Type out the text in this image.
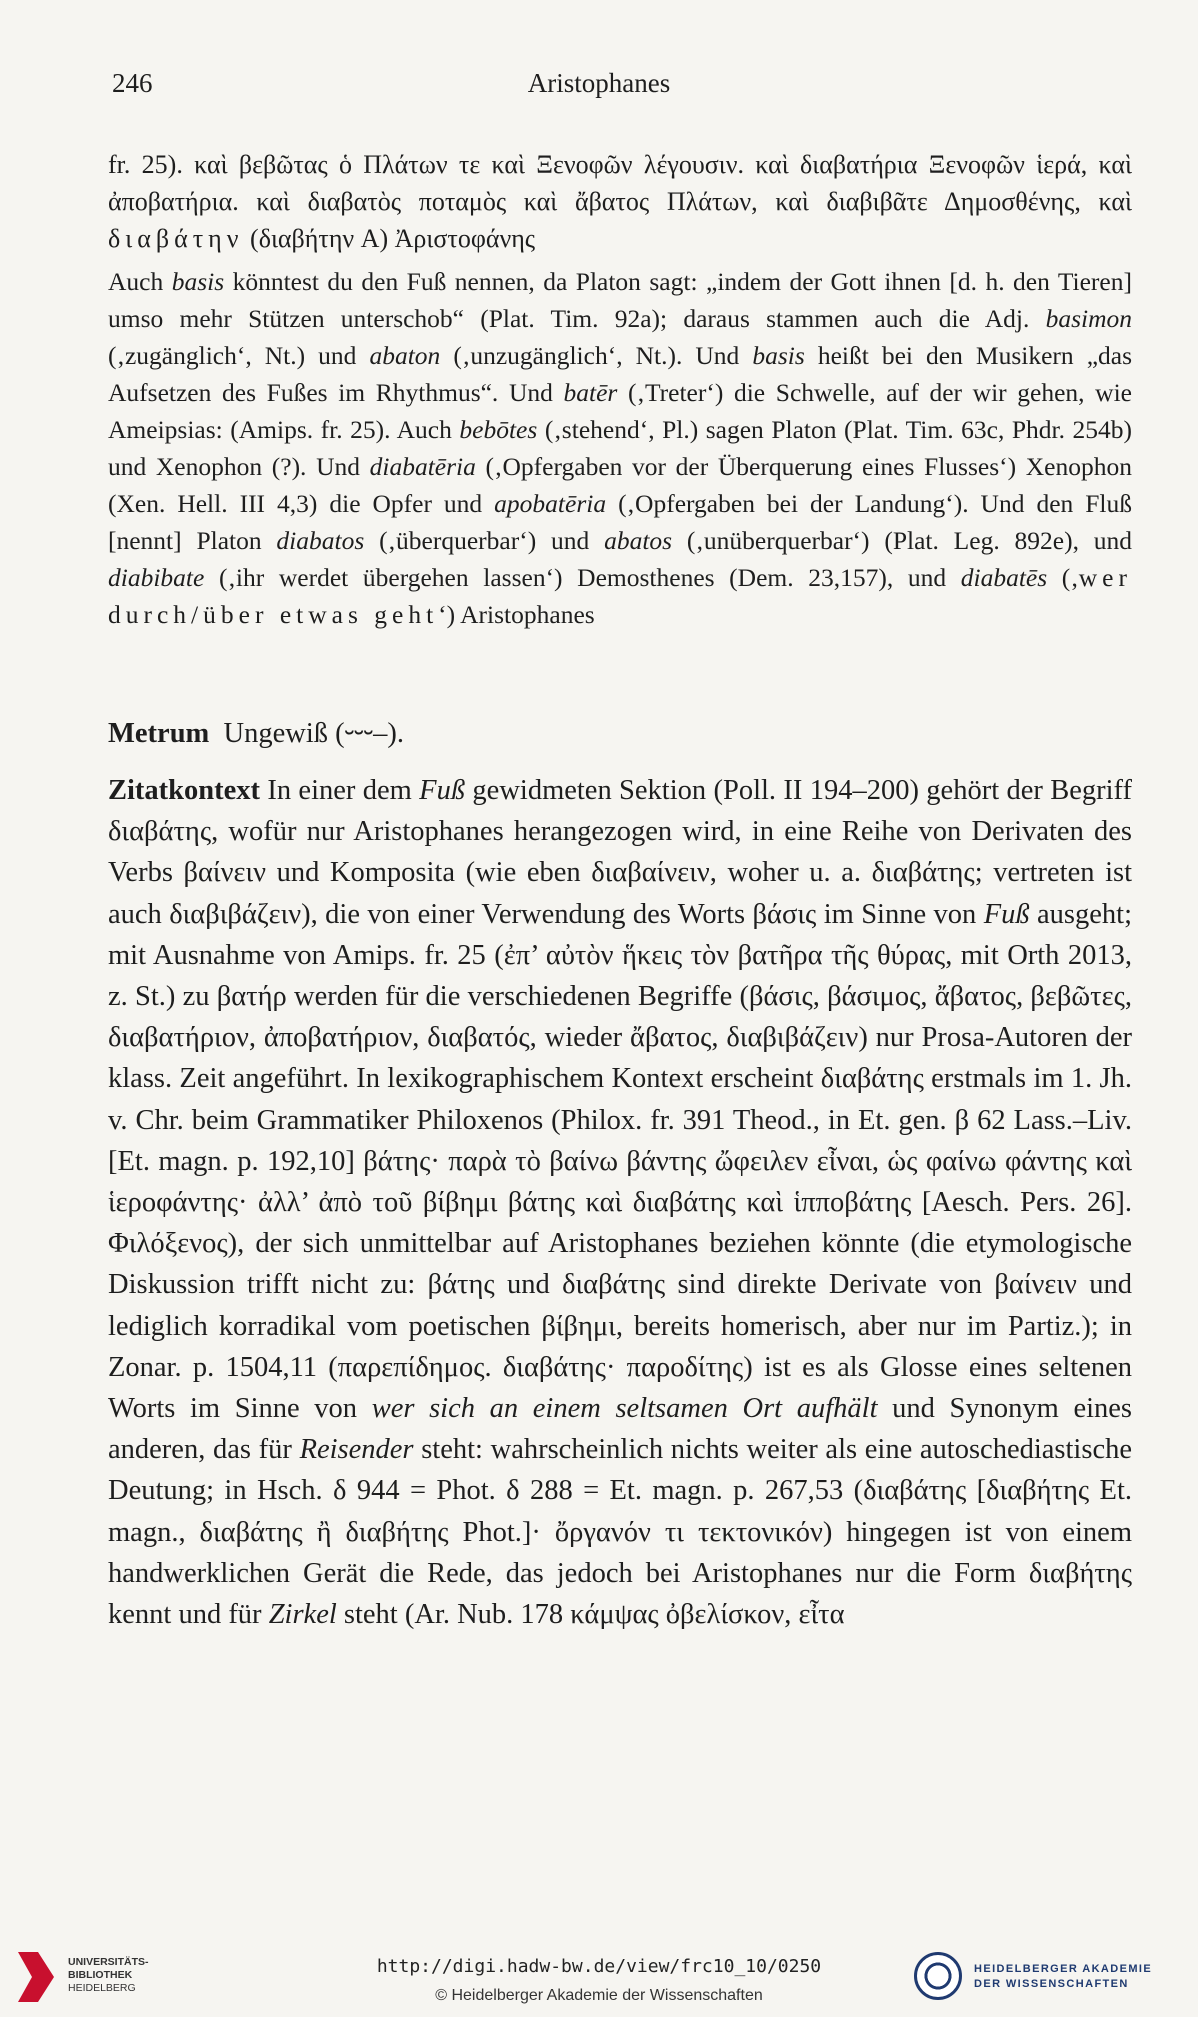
246	Aristophanes

fr. 25). καὶ βεβῶτας ὁ Πλάτων τε καὶ Ξενοφῶν λέγουσιν. καὶ διαβατήρια Ξενοφῶν ἱερά, καὶ ἀποβατήρια. καὶ διαβατὸς ποταμὸς καὶ ἄβατος Πλάτων, καὶ διαβιβᾶτε Δημοσθένης, καὶ διαβάτην (διαβήτην A) Ἀριστοφάνης

Auch basis könntest du den Fuß nennen, da Platon sagt: „indem der Gott ihnen [d. h. den Tieren] umso mehr Stützen unterschob“ (Plat. Tim. 92a); daraus stammen auch die Adj. basimon (‚zugänglich‘, Nt.) und abaton (‚unzugänglich‘, Nt.). Und basis heißt bei den Musikern „das Aufsetzen des Fußes im Rhythmus“. Und batēr (‚Treter‘) die Schwelle, auf der wir gehen, wie Ameipsias: (Amips. fr. 25). Auch bebōtes (‚stehend‘, Pl.) sagen Platon (Plat. Tim. 63c, Phdr. 254b) und Xenophon (?). Und diabatēria (‚Opfergaben vor der Überquerung eines Flusses‘) Xenophon (Xen. Hell. III 4,3) die Opfer und apobatēria (‚Opfergaben bei der Landung‘). Und den Fluß [nennt] Platon diabatos (‚überquerbar‘) und abatos (‚unüberquerbar‘) (Plat. Leg. 892e), und diabibate (‚ihr werdet übergehen lassen‘) Demosthenes (Dem. 23,157), und diabatēs (‚wer durch/über etwas geht‘) Aristophanes

Metrum Ungewiß (⏑⏑⏑–).

Zitatkontext In einer dem Fuß gewidmeten Sektion (Poll. II 194–200) gehört der Begriff διαβάτης, wofür nur Aristophanes herangezogen wird, in eine Reihe von Derivaten des Verbs βαίνειν und Komposita (wie eben διαβαίνειν, woher u. a. διαβάτης; vertreten ist auch διαβιβάζειν), die von einer Verwendung des Worts βάσις im Sinne von Fuß ausgeht; mit Ausnahme von Amips. fr. 25 (ἐπ’ αὐτὸν ἥκεις τὸν βατῆρα τῆς θύρας, mit Orth 2013, z. St.) zu βατήρ werden für die verschiedenen Begriffe (βάσις, βάσιμος, ἄβατος, βεβῶτες, διαβατήριον, ἀποβατήριον, διαβατός, wieder ἄβατος, διαβιβάζειν) nur Prosa-Autoren der klass. Zeit angeführt. In lexikographischem Kontext erscheint διαβάτης erstmals im 1. Jh. v. Chr. beim Grammatiker Philoxenos (Philox. fr. 391 Theod., in Et. gen. β 62 Lass.–Liv. [Et. magn. p. 192,10] βάτης· παρὰ τὸ βαίνω βάντης ὤφειλεν εἶναι, ὡς φαίνω φάντης καὶ ἱεροφάντης· ἀλλ’ ἀπὸ τοῦ βίβημι βάτης καὶ διαβάτης καὶ ἱπποβάτης [Aesch. Pers. 26]. Φιλόξενος), der sich unmittelbar auf Aristophanes beziehen könnte (die etymologische Diskussion trifft nicht zu: βάτης und διαβάτης sind direkte Derivate von βαίνειν und lediglich korradikal vom poetischen βίβημι, bereits homerisch, aber nur im Partiz.); in Zonar. p. 1504,11 (παρεπίδημος. διαβάτης· παροδίτης) ist es als Glosse eines seltenen Worts im Sinne von wer sich an einem seltsamen Ort aufhält und Synonym eines anderen, das für Reisender steht: wahrscheinlich nichts weiter als eine autoschediastische Deutung; in Hsch. δ 944 = Phot. δ 288 = Et. magn. p. 267,53 (διαβάτης [διαβήτης Et. magn., διαβάτης ἢ διαβήτης Phot.]· ὄργανόν τι τεκτονικόν) hingegen ist von einem handwerklichen Gerät die Rede, das jedoch bei Aristophanes nur die Form διαβήτης kennt und für Zirkel steht (Ar. Nub. 178 κάμψας ὀβελίσκον, εἶτα

UNIVERSITÄTS-
BIBLIOTHEK
HEIDELBERG
http://digi.hadw-bw.de/view/frc10_10/0250
© Heidelberger Akademie der Wissenschaften
HEIDELBERGER AKADEMIE
DER WISSENSCHAFTEN
